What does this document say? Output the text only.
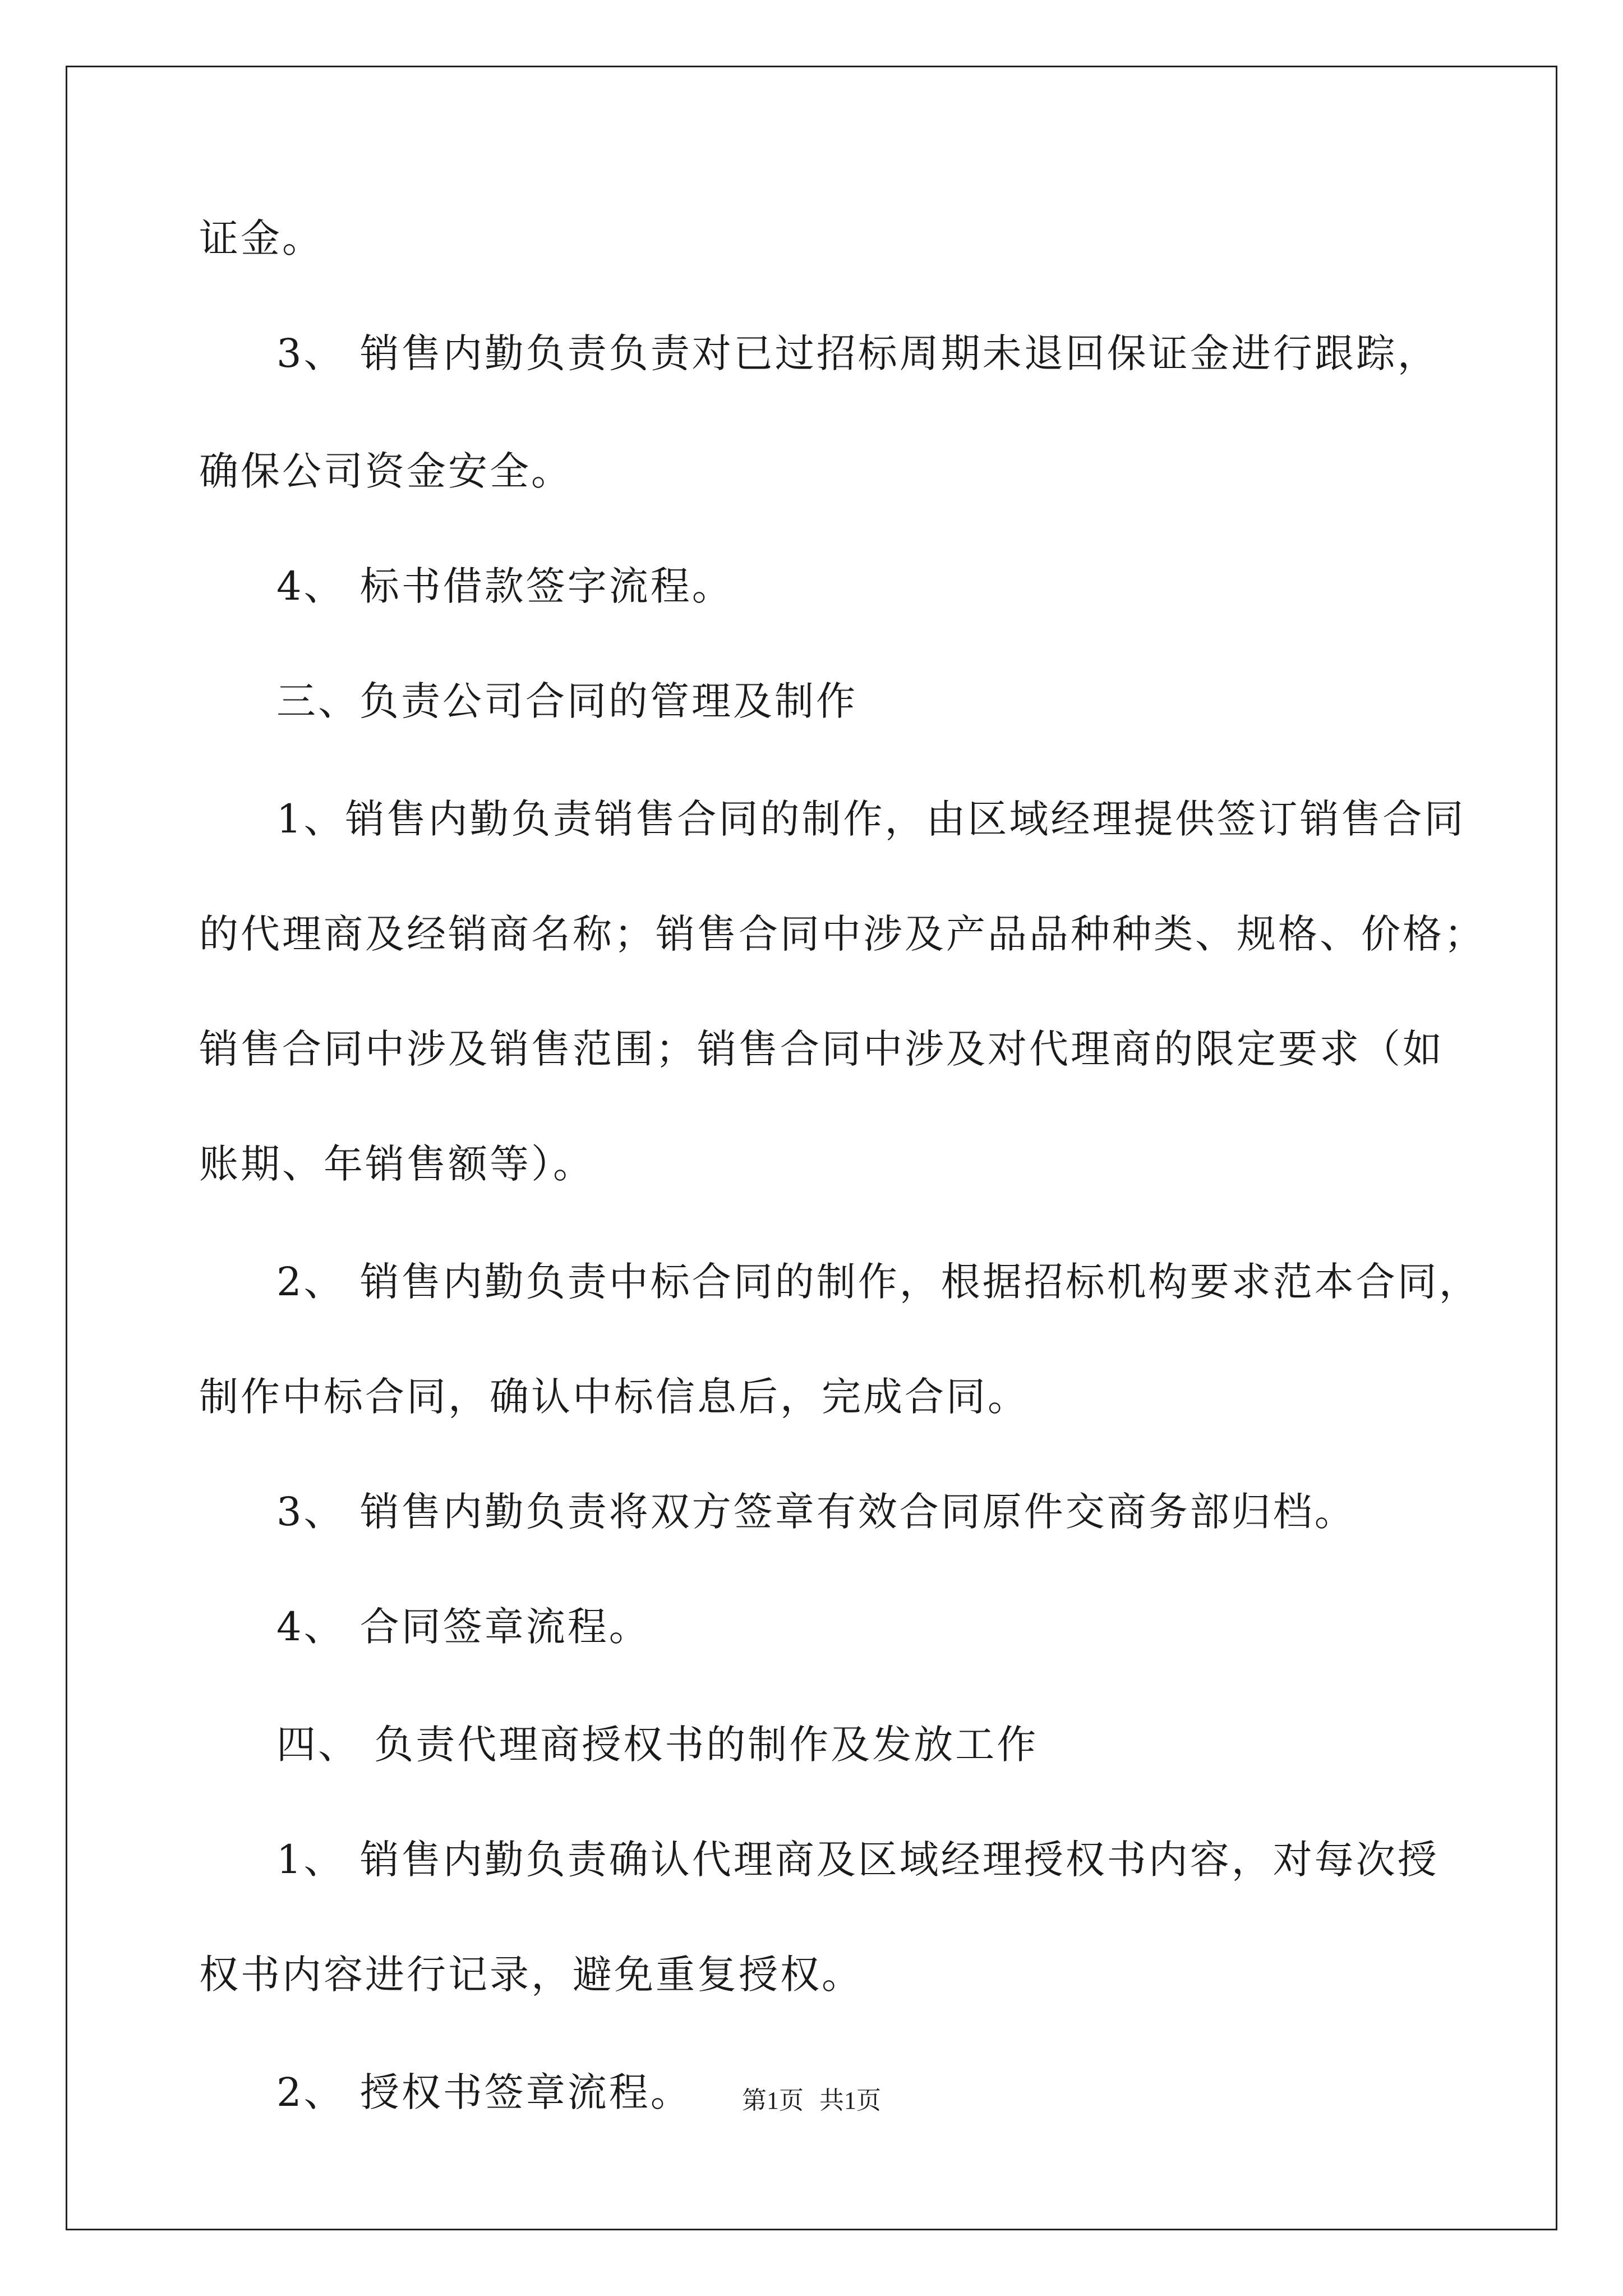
证金。
3、 销售内勤负责负责对已过招标周期未退回保证金进行跟踪，
确保公司资金安全。
4、 标书借款签字流程。
三、负责公司合同的管理及制作
1、销售内勤负责销售合同的制作，由区域经理提供签订销售合同
的代理商及经销商名称；销售合同中涉及产品品种种类、规格、价格；
销售合同中涉及销售范围；销售合同中涉及对代理商的限定要求（如
账期、年销售额等）。
2、 销售内勤负责中标合同的制作，根据招标机构要求范本合同，
制作中标合同，确认中标信息后，完成合同。
3、 销售内勤负责将双方签章有效合同原件交商务部归档。
4、 合同签章流程。
四、 负责代理商授权书的制作及发放工作
1、 销售内勤负责确认代理商及区域经理授权书内容，对每次授
权书内容进行记录，避免重复授权。
2、 授权书签章流程。	第1页 共1页
